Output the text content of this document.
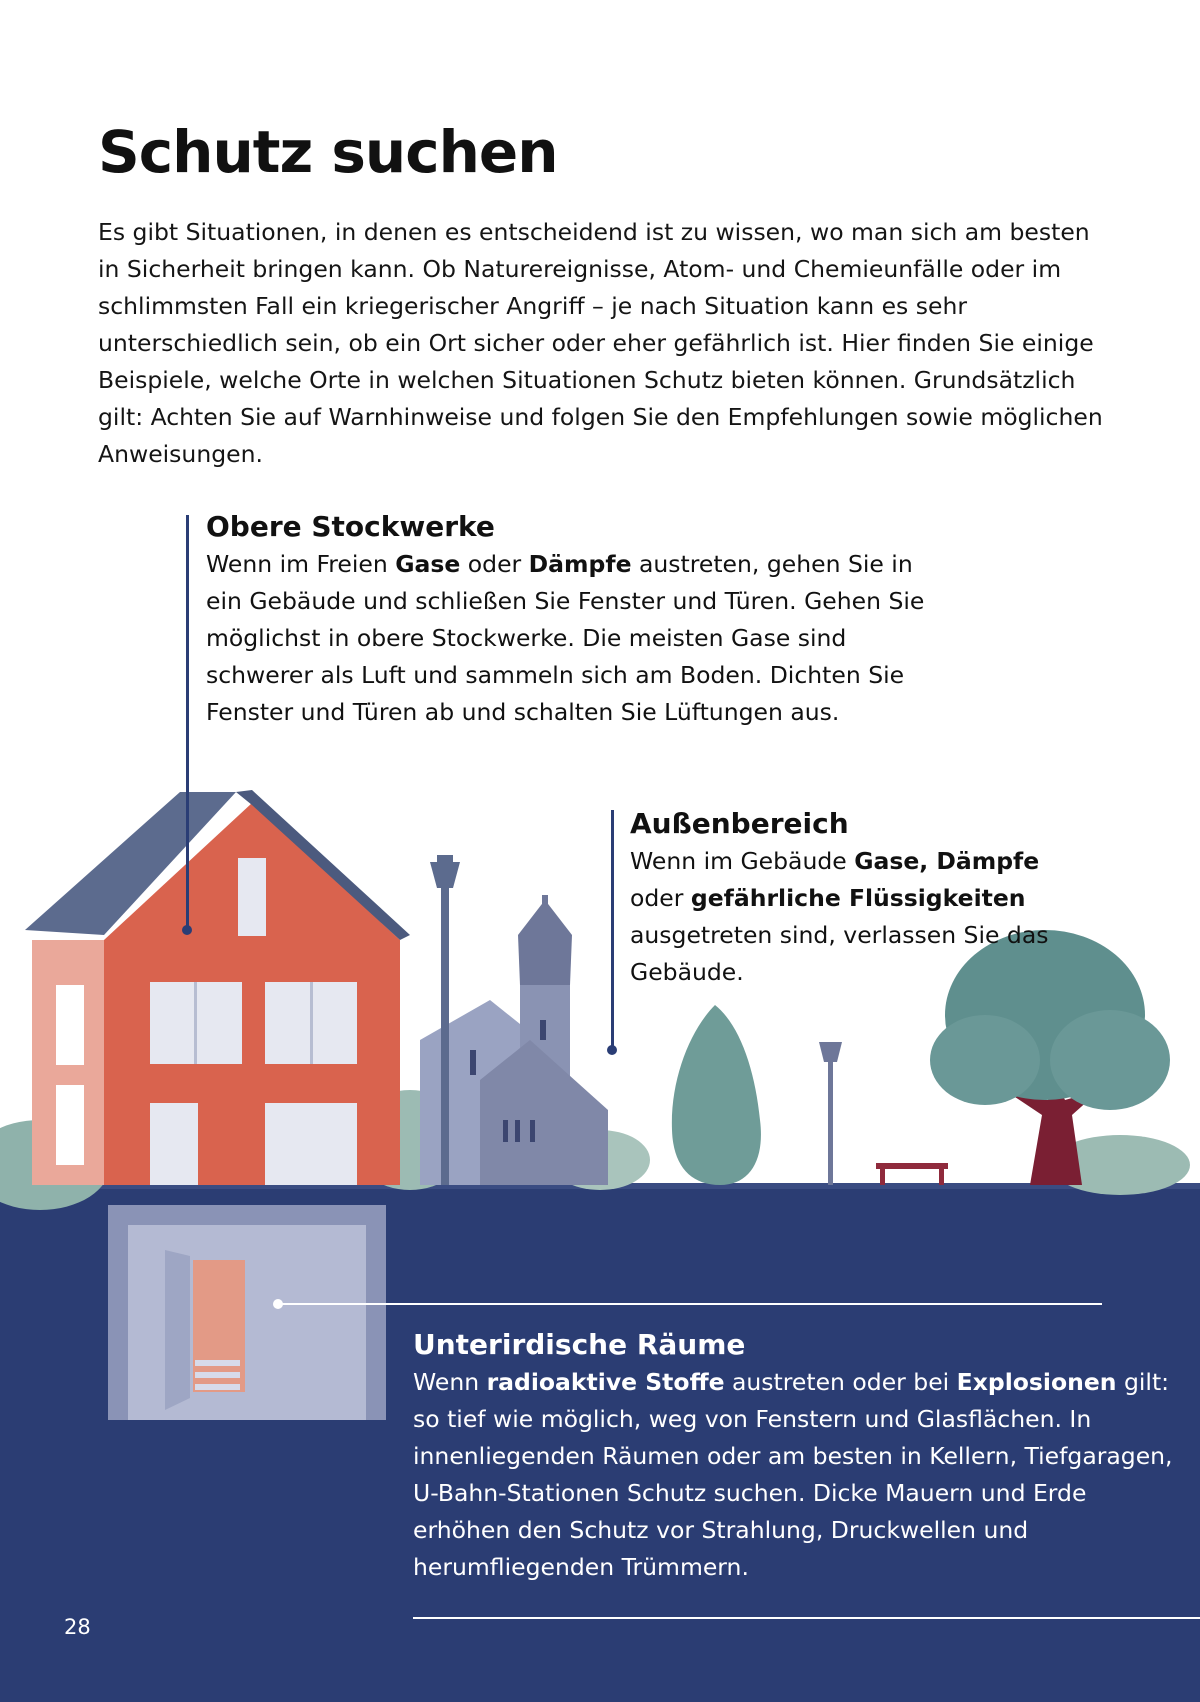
Schutz suchen

Es gibt Situationen, in denen es entscheidend ist zu wissen, wo man sich am besten in Sicherheit bringen kann. Ob Naturereignisse, Atom- und Chemieunfälle oder im schlimmsten Fall ein kriegerischer Angriff – je nach Situation kann es sehr unterschiedlich sein, ob ein Ort sicher oder eher gefährlich ist. Hier finden Sie einige Beispiele, welche Orte in welchen Situationen Schutz bieten können. Grundsätzlich gilt: Achten Sie auf Warnhinweise und folgen Sie den Empfehlungen sowie möglichen Anweisungen.

Obere Stockwerke

Wenn im Freien Gase oder Dämpfe austreten, gehen Sie in ein Gebäude und schließen Sie Fenster und Türen. Gehen Sie möglichst in obere Stockwerke. Die meisten Gase sind schwerer als Luft und sammeln sich am Boden. Dichten Sie Fenster und Türen ab und schalten Sie Lüftungen aus.

Außenbereich

Wenn im Gebäude Gase, Dämpfe oder gefährliche Flüssigkeiten ausgetreten sind, verlassen Sie das Gebäude.

Unterirdische Räume

Wenn radioaktive Stoffe austreten oder bei Explosionen gilt: so tief wie möglich, weg von Fenstern und Glasflächen. In innenliegenden Räumen oder am besten in Kellern, Tiefgaragen, U-Bahn-Stationen Schutz suchen. Dicke Mauern und Erde erhöhen den Schutz vor Strahlung, Druckwellen und herumfliegenden Trümmern.

28
